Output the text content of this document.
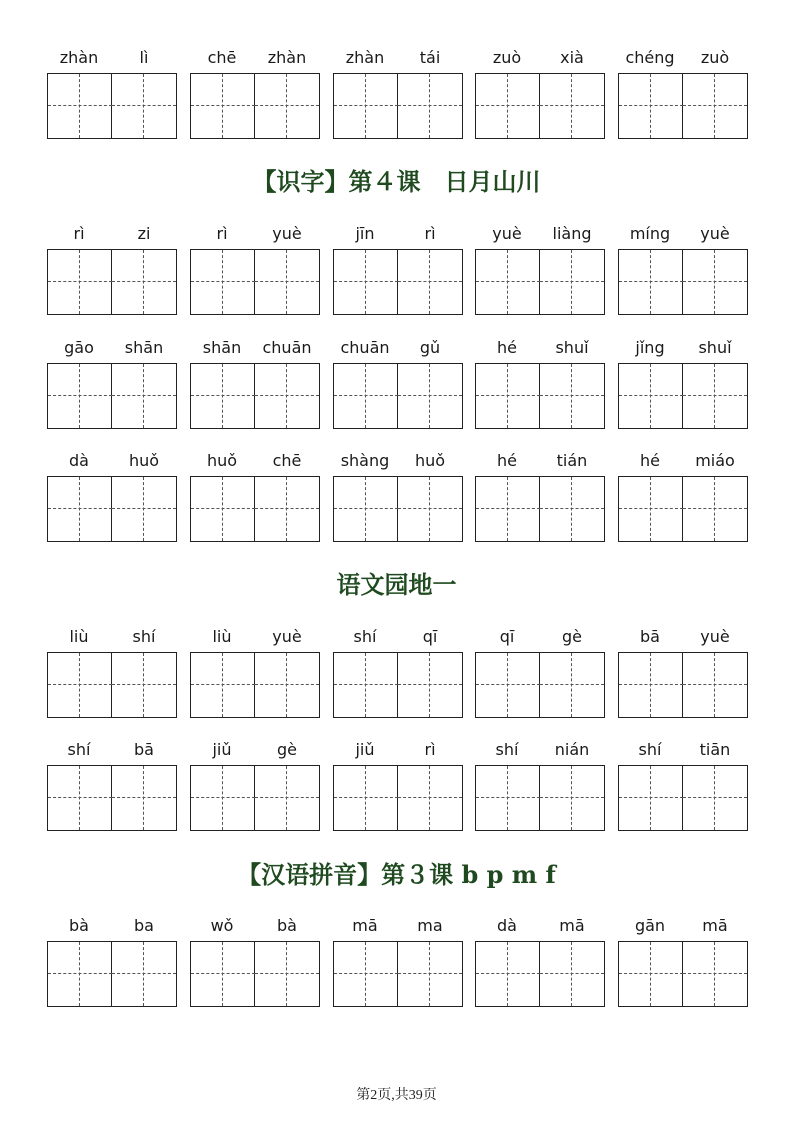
zhàn	lì	chē	zhàn	zhàn	tái	zuò	xià	chéng	zuò
【识字】第４课　日月山川
rì	zi	rì	yuè	jīn	rì	yuè	liàng	míng	yuè
gāo	shān	shān	chuān	chuān	gǔ	hé	shuǐ	jǐng	shuǐ
dà	huǒ	huǒ	chē	shàng	huǒ	hé	tián	hé	miáo
语文园地一
liù	shí	liù	yuè	shí	qī	qī	gè	bā	yuè
shí	bā	jiǔ	gè	jiǔ	rì	shí	nián	shí	tiān
【汉语拼音】第３课 b p m f
bà	ba	wǒ	bà	mā	ma	dà	mā	gān	mā
第2页,共39页
